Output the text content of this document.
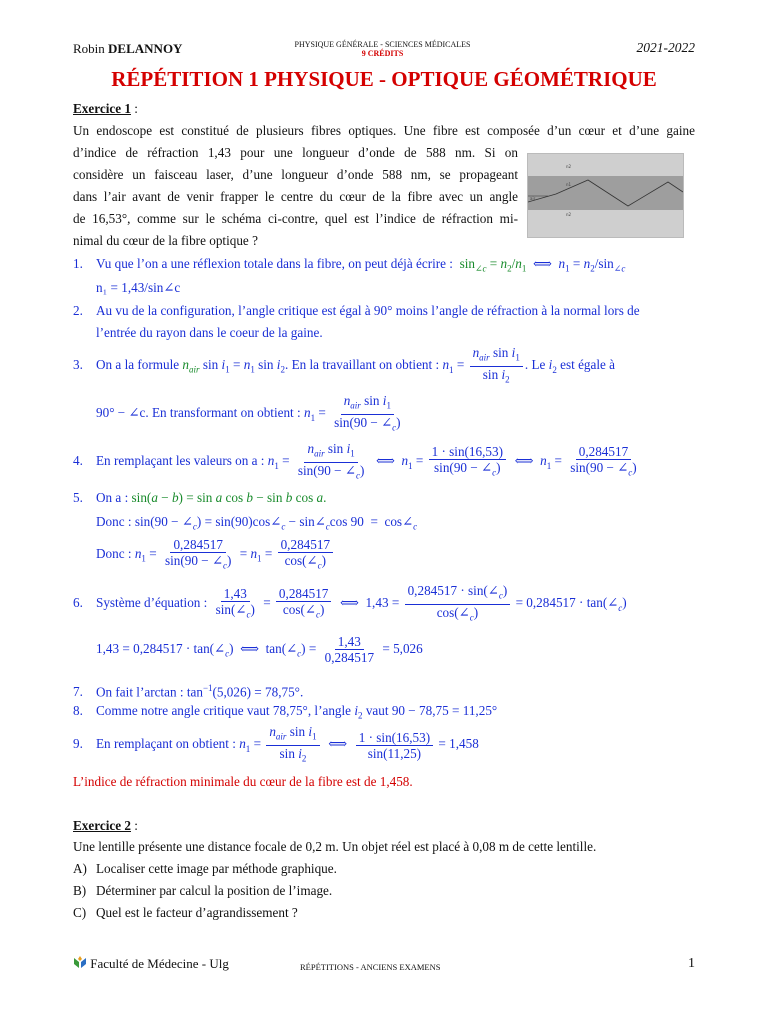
Robin DELANNOY	PHYSIQUE GÉNÉRALE - SCIENCES MÉDICALES
9 CRÉDITS	2021-2022
RÉPÉTITION 1 PHYSIQUE - OPTIQUE GÉOMÉTRIQUE
Exercice 1 :
Un endoscope est constitué de plusieurs fibres optiques. Une fibre est composée d’un cœur et d’une gaine
d’indice de réfraction 1,43 pour une longueur d’onde de 588 nm. Si on
considère un faisceau laser, d’une longueur d’onde 588 nm, se propageant
dans l’air avant de venir frapper le centre du cœur de la fibre avec un angle
de 16,53°, comme sur le schéma ci-contre, quel est l’indice de réfraction mi-
nimal du cœur de la fibre optique ?
n2
n1
n2
air
1. Vu que l’on a une réflexion totale dans la fibre, on peut déjà écrire :  $\sin_{\angle c} = n_2/n_1$  ⟺  $n_1 = n_2/\sin_{\angle c}$
n₁ = 1,43/sin∠c
2. Au vu de la configuration, l’angle critique est égal à 90° moins l’angle de réfraction à la normal lors de
l’entrée du rayon dans le coeur de la gaine.
3. On a la formule $n_{air}$ $\sin i_1 = n_1$ $\sin i_2$. En la travaillant on obtient : $n_1 = \frac{n_{air} \sin i_1}{\sin i_2}$ . Le $i_2$ est égale à
90° − ∠c. En transformant on obtient : $n_1 = \frac{n_{air} \sin i_1}{\sin(90 - \angle_c)}$
4. En remplaçant les valeurs on a : $n_1 = \frac{n_{air} \sin i_1}{\sin(90 - \angle_c)}$ ⟺  $n_1 = \frac{1 \cdot \sin(16,53)}{\sin(90 - \angle_c)}$ ⟺  $n_1 = \frac{0,284517}{\sin(90 - \angle_c)}$
5. On a : sin(a − b) = sin a cos b − sin b cos a.
Donc : $\sin(90 - \angle_c)$ = $\sin(90)\cos\angle_c$ − $\sin\angle_c\cos$ $90 = \cos\angle_c$
Donc : $n_1 = \frac{0,284517}{\sin(90 - \angle_c)} = n_1 = \frac{0,284517}{\cos(\angle_c)}$
6. Système d’équation : $\frac{1,43}{\sin(\angle_c)} = \frac{0,284517}{\cos(\angle_c)}$ ⟺  $1,43 = \frac{0,284517 \cdot \sin(\angle_c)}{\cos(\angle_c)} = 0,284517$ · $\tan(\angle_c)$
$1,43 = 0,284517 \cdot \tan(\angle_c)$  ⟺  $\tan(\angle_c) = \frac{1,43}{0,284517} = 5,026$
7. On fait l’arctan : $\tan^{-1}(5,026) = 78,75^\circ$.
8. Comme notre angle critique vaut 78,75°, l’angle $i_2$ vaut 90 − 78,75 = 11,25°
9. En remplaçant on obtient : $n_1 = \frac{n_{air} \sin i_1}{\sin i_2}$ ⟺ $\frac{1 \cdot \sin(16,53)}{\sin(11,25)} = 1,458$
L’indice de réfraction minimale du cœur de la fibre est de 1,458.
Exercice 2 :
Une lentille présente une distance focale de 0,2 m. Un objet réel est placé à 0,08 m de cette lentille.
A) Localiser cette image par méthode graphique.
B) Déterminer par calcul la position de l’image.
C) Quel est le facteur d’agrandissement ?
Faculté de Médecine - Ulg	RÉPÉTITIONS - ANCIENS EXAMENS	1
